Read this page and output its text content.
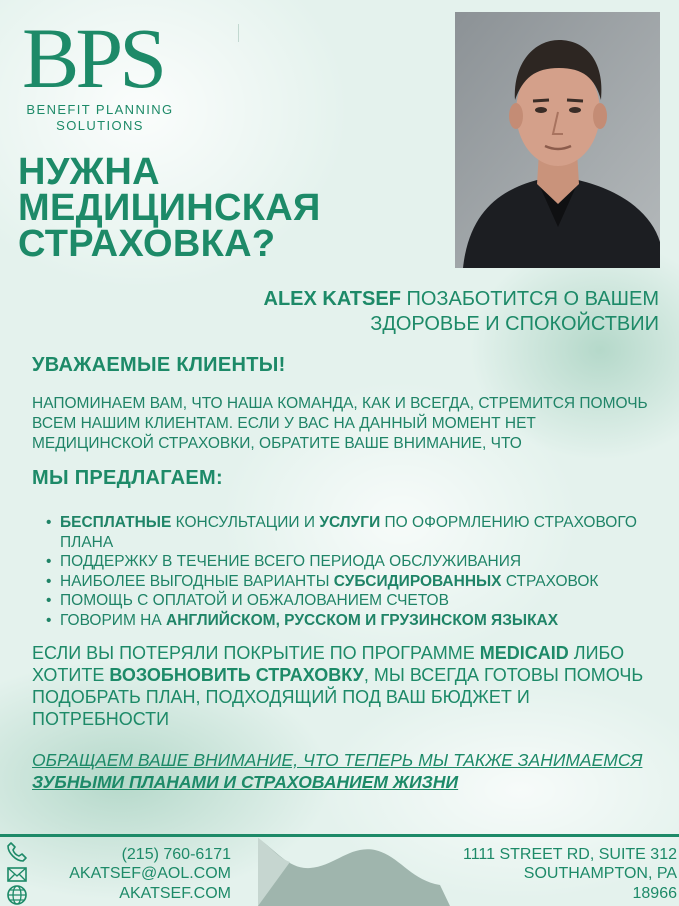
BPS
BENEFIT PLANNING
SOLUTIONS
НУЖНА
МЕДИЦИНСКАЯ
СТРАХОВКА?
ALEX KATSEF ПОЗАБОТИТСЯ О ВАШЕМ
ЗДОРОВЬЕ И СПОКОЙСТВИИ
УВАЖАЕМЫЕ КЛИЕНТЫ!
НАПОМИНАЕМ ВАМ, ЧТО НАША КОМАНДА, КАК И ВСЕГДА, СТРЕМИТСЯ ПОМОЧЬ ВСЕМ НАШИМ КЛИЕНТАМ. ЕСЛИ У ВАС НА ДАННЫЙ МОМЕНТ НЕТ МЕДИЦИНСКОЙ СТРАХОВКИ, ОБРАТИТЕ ВАШЕ ВНИМАНИЕ, ЧТО
МЫ ПРЕДЛАГАЕМ:
• БЕСПЛАТНЫЕ КОНСУЛЬТАЦИИ И УСЛУГИ ПО ОФОРМЛЕНИЮ СТРАХОВОГО ПЛАНА
• ПОДДЕРЖКУ В ТЕЧЕНИЕ ВСЕГО ПЕРИОДА ОБСЛУЖИВАНИЯ
• НАИБОЛЕЕ ВЫГОДНЫЕ ВАРИАНТЫ СУБСИДИРОВАННЫХ СТРАХОВОК
• ПОМОЩЬ С ОПЛАТОЙ И ОБЖАЛОВАНИЕМ СЧЕТОВ
• ГОВОРИМ НА АНГЛИЙСКОМ, РУССКОМ И ГРУЗИНСКОМ ЯЗЫКАХ
ЕСЛИ ВЫ ПОТЕРЯЛИ ПОКРЫТИЕ ПО ПРОГРАММЕ MEDICAID ЛИБО ХОТИТЕ ВОЗОБНОВИТЬ СТРАХОВКУ, МЫ ВСЕГДА ГОТОВЫ ПОМОЧЬ ПОДОБРАТЬ ПЛАН, ПОДХОДЯЩИЙ ПОД ВАШ БЮДЖЕТ И ПОТРЕБНОСТИ
ОБРАЩАЕМ ВАШЕ ВНИМАНИЕ, ЧТО ТЕПЕРЬ МЫ ТАКЖЕ ЗАНИМАЕМСЯ ЗУБНЫМИ ПЛАНАМИ И СТРАХОВАНИЕМ ЖИЗНИ
(215) 760-6171
AKATSEF@AOL.COM
AKATSEF.COM
1111 STREET RD, SUITE 312
SOUTHAMPTON, PA
18966
